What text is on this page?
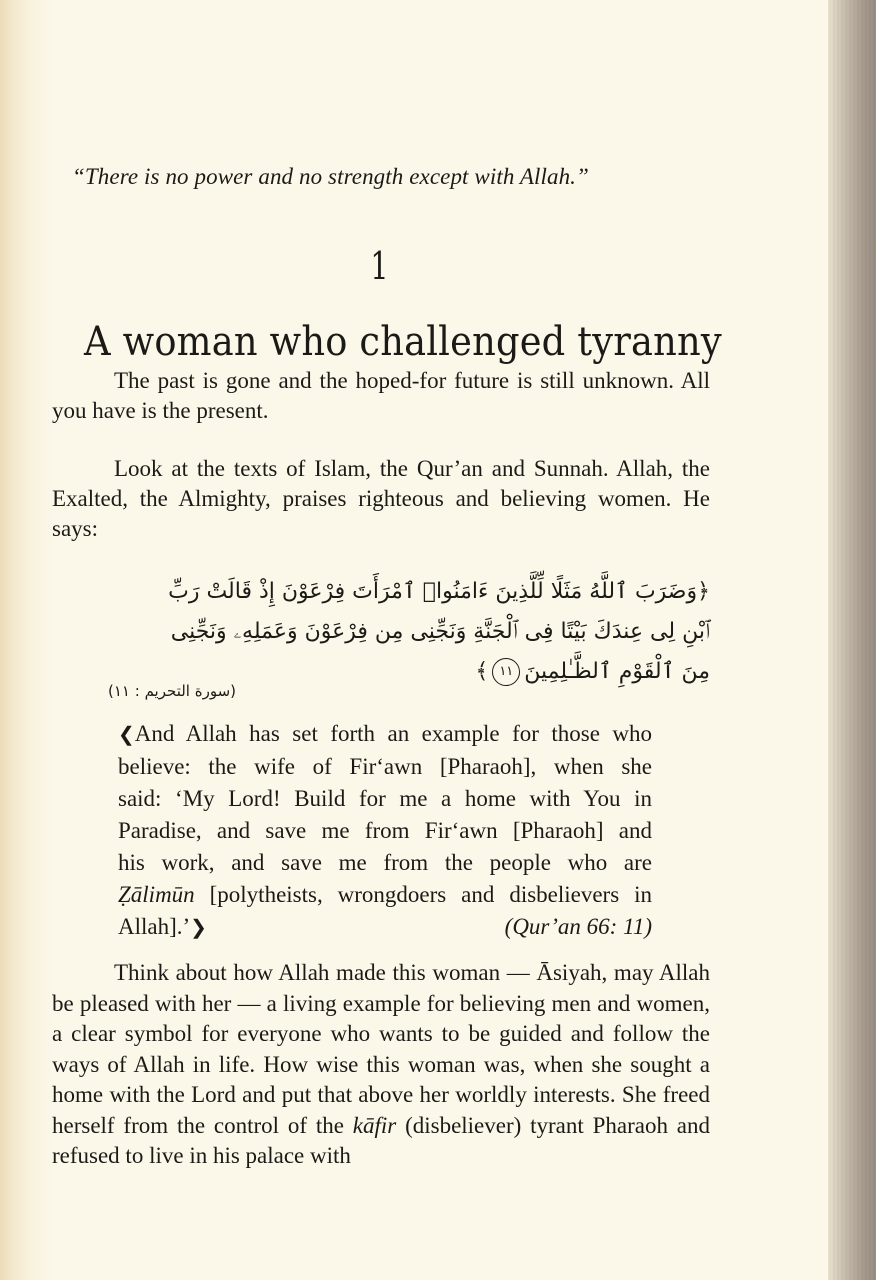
“There is no power and no strength except with Allah.”
1
A woman who challenged tyranny

The past is gone and the hoped-for future is still unknown. All you have is the present.

Look at the texts of Islam, the Qur’an and Sunnah. Allah, the Exalted, the Almighty, praises righteous and believing women. He says:

﴿وَضَرَبَ ٱللَّهُ مَثَلًا لِّلَّذِينَ ءَامَنُوا۟ ٱمْرَأَتَ فِرْعَوْنَ إِذْ قَالَتْ رَبِّ
ٱبْنِ لِى عِندَكَ بَيْتًا فِى ٱلْجَنَّةِ وَنَجِّنِى مِن فِرْعَوْنَ وَعَمَلِهِۦ وَنَجِّنِى
مِنَ ٱلْقَوْمِ ٱلظَّـٰلِمِينَ١١﴾
(سورة التحريم : ١١)
❮And Allah has set forth an example for those who
believe: the wife of Fir‘awn [Pharaoh], when she
said: ‘My Lord! Build for me a home with You in
Paradise, and save me from Fir‘awn [Pharaoh] and
his work, and save me from the people who are
Ẓālimūn [polytheists, wrongdoers and disbelievers in
Allah].’❯	(Qur’an 66: 11)

Think about how Allah made this woman — Āsiyah, may Allah be pleased with her — a living example for believing men and women, a clear symbol for everyone who wants to be guided and follow the ways of Allah in life. How wise this woman was, when she sought a home with the Lord and put that above her worldly interests. She freed herself from the control of the kāfir (disbeliever) tyrant Pharaoh and refused to live in his palace with
